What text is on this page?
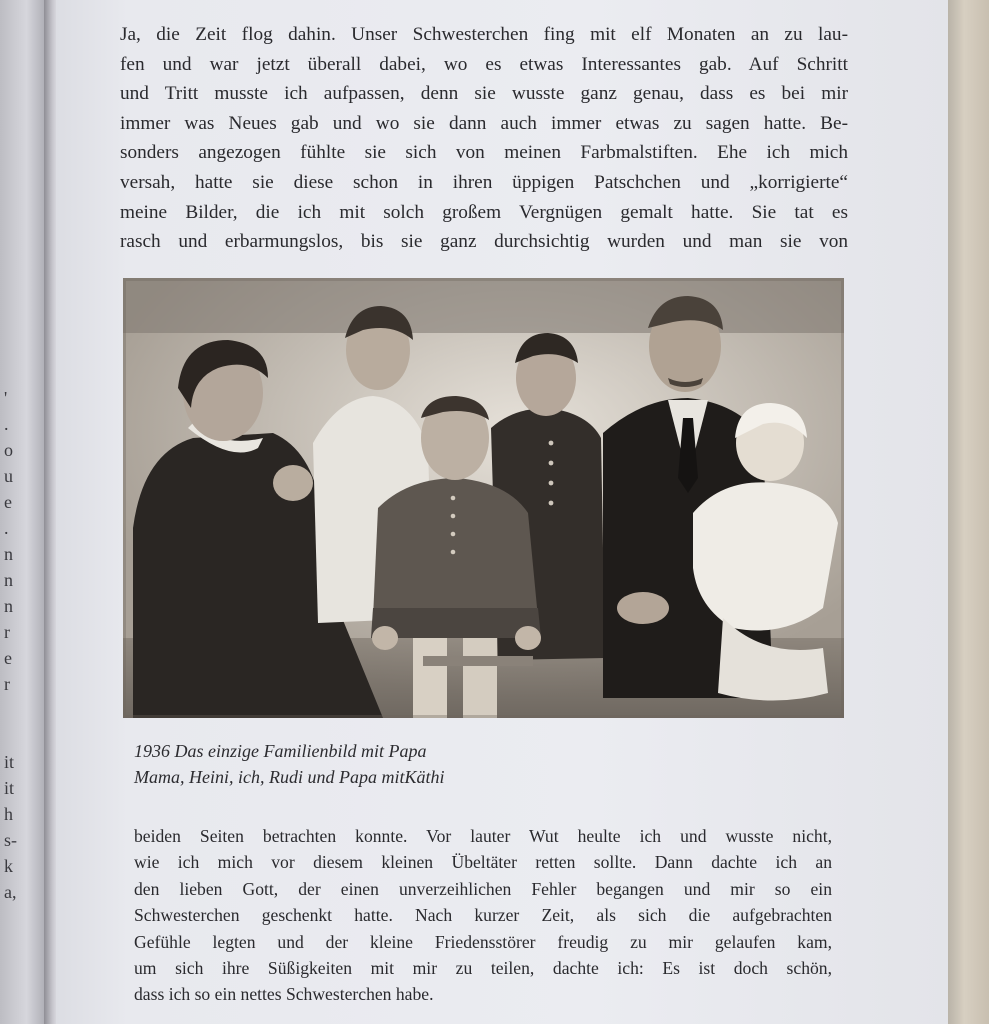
'
.
o
u
e
.
n
n
n
r
e
r
it
it
h
s-
k
a,

Ja, die Zeit flog dahin. Unser Schwesterchen fing mit elf Monaten an zu lau-
fen und war jetzt überall dabei, wo es etwas Interessantes gab. Auf Schritt
und Tritt musste ich aufpassen, denn sie wusste ganz genau, dass es bei mir
immer was Neues gab und wo sie dann auch immer etwas zu sagen hatte. Be-
sonders angezogen fühlte sie sich von meinen Farbmalstiften. Ehe ich mich
versah, hatte sie diese schon in ihren üppigen Patschchen und „korrigierte“
meine Bilder, die ich mit solch großem Vergnügen gemalt hatte. Sie tat es
rasch und erbarmungslos, bis sie ganz durchsichtig wurden und man sie von

1936 Das einzige Familienbild mit Papa
Mama, Heini, ich, Rudi und Papa mitKäthi

beiden Seiten betrachten konnte. Vor lauter Wut heulte ich und wusste nicht,
wie ich mich vor diesem kleinen Übeltäter retten sollte. Dann dachte ich an
den lieben Gott, der einen unverzeihlichen Fehler begangen und mir so ein
Schwesterchen geschenkt hatte. Nach kurzer Zeit, als sich die aufgebrachten
Gefühle legten und der kleine Friedensstörer freudig zu mir gelaufen kam,
um sich ihre Süßigkeiten mit mir zu teilen, dachte ich: Es ist doch schön,
dass ich so ein nettes Schwesterchen habe.
